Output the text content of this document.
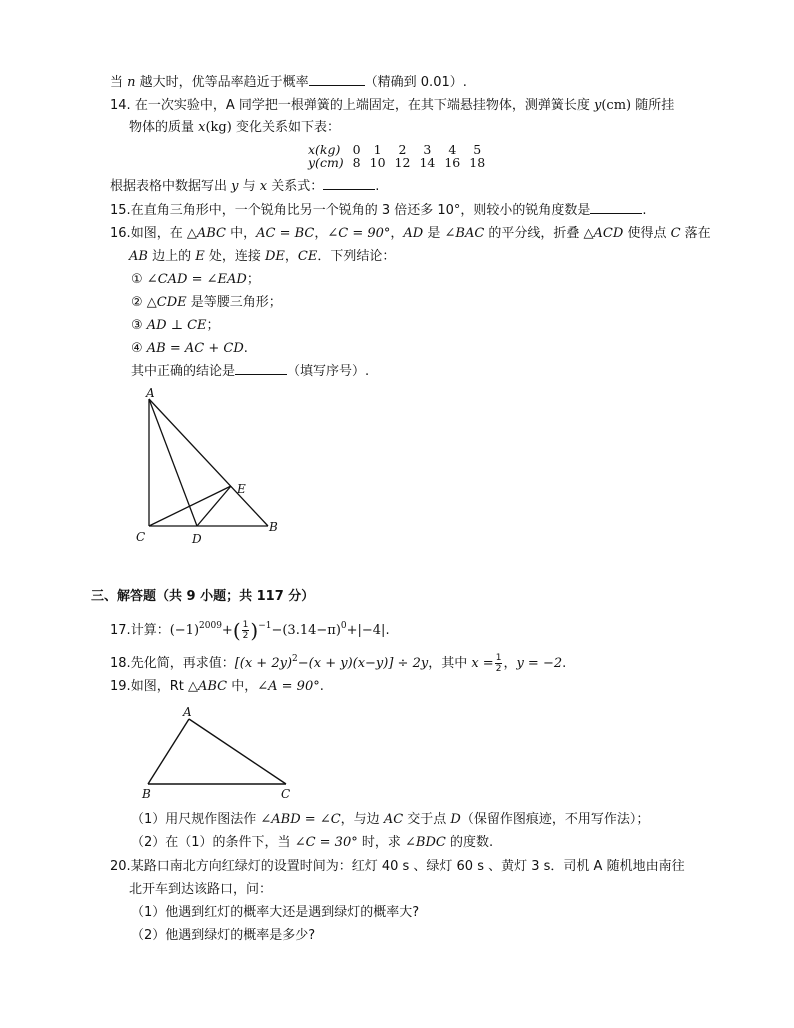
当 n 越大时，优等品率趋近于概率	（精确到 0.01）.
14. 在一次实验中，A 同学把一根弹簧的上端固定，在其下端悬挂物体，测弹簧长度 y(cm) 随所挂
物体的质量 x(kg) 变化关系如下表：
x(kg)	0	1	2	3	4	5
y(cm)	8	10	12	14	16	18
根据表格中数据写出 y 与 x 关系式：	.
15.在直角三角形中，一个锐角比另一个锐角的 3 倍还多 10°，则较小的锐角度数是	.
16.如图，在 △ABC 中，AC = BC，∠C = 90°，AD 是 ∠BAC 的平分线，折叠 △ACD 使得点 C 落在
AB 边上的 E 处，连接 DE，CE．下列结论：
① ∠CAD = ∠EAD；
② △CDE 是等腰三角形；
③ AD ⊥ CE；
④ AB = AC + CD.
其中正确的结论是	（填写序号）.
A
C	D
B
E
三、解答题（共 9 小题；共 117 分）
17.计算：$(-1)^{2009}+( \frac{1}{2} )^{-1}-(3.14-\pi)^0+|-4|$.
18.先化简，再求值：$[(x + 2y)^2-(x + y)(x-y)] \div 2y$，其中 $x = \frac{1}{2}$ ，y = −2.
19.如图，Rt △ABC 中，∠A = 90°.
A
B	C
（1）用尺规作图法作 ∠ABD = ∠C，与边 AC 交于点 D（保留作图痕迹，不用写作法）；
（2）在（1）的条件下，当 ∠C = 30° 时，求 ∠BDC 的度数.
20.某路口南北方向红绿灯的设置时间为：红灯 40 s 、绿灯 60 s 、黄灯 3 s．司机 A 随机地由南往
北开车到达该路口，问：
（1）他遇到红灯的概率大还是遇到绿灯的概率大?
（2）他遇到绿灯的概率是多少?
